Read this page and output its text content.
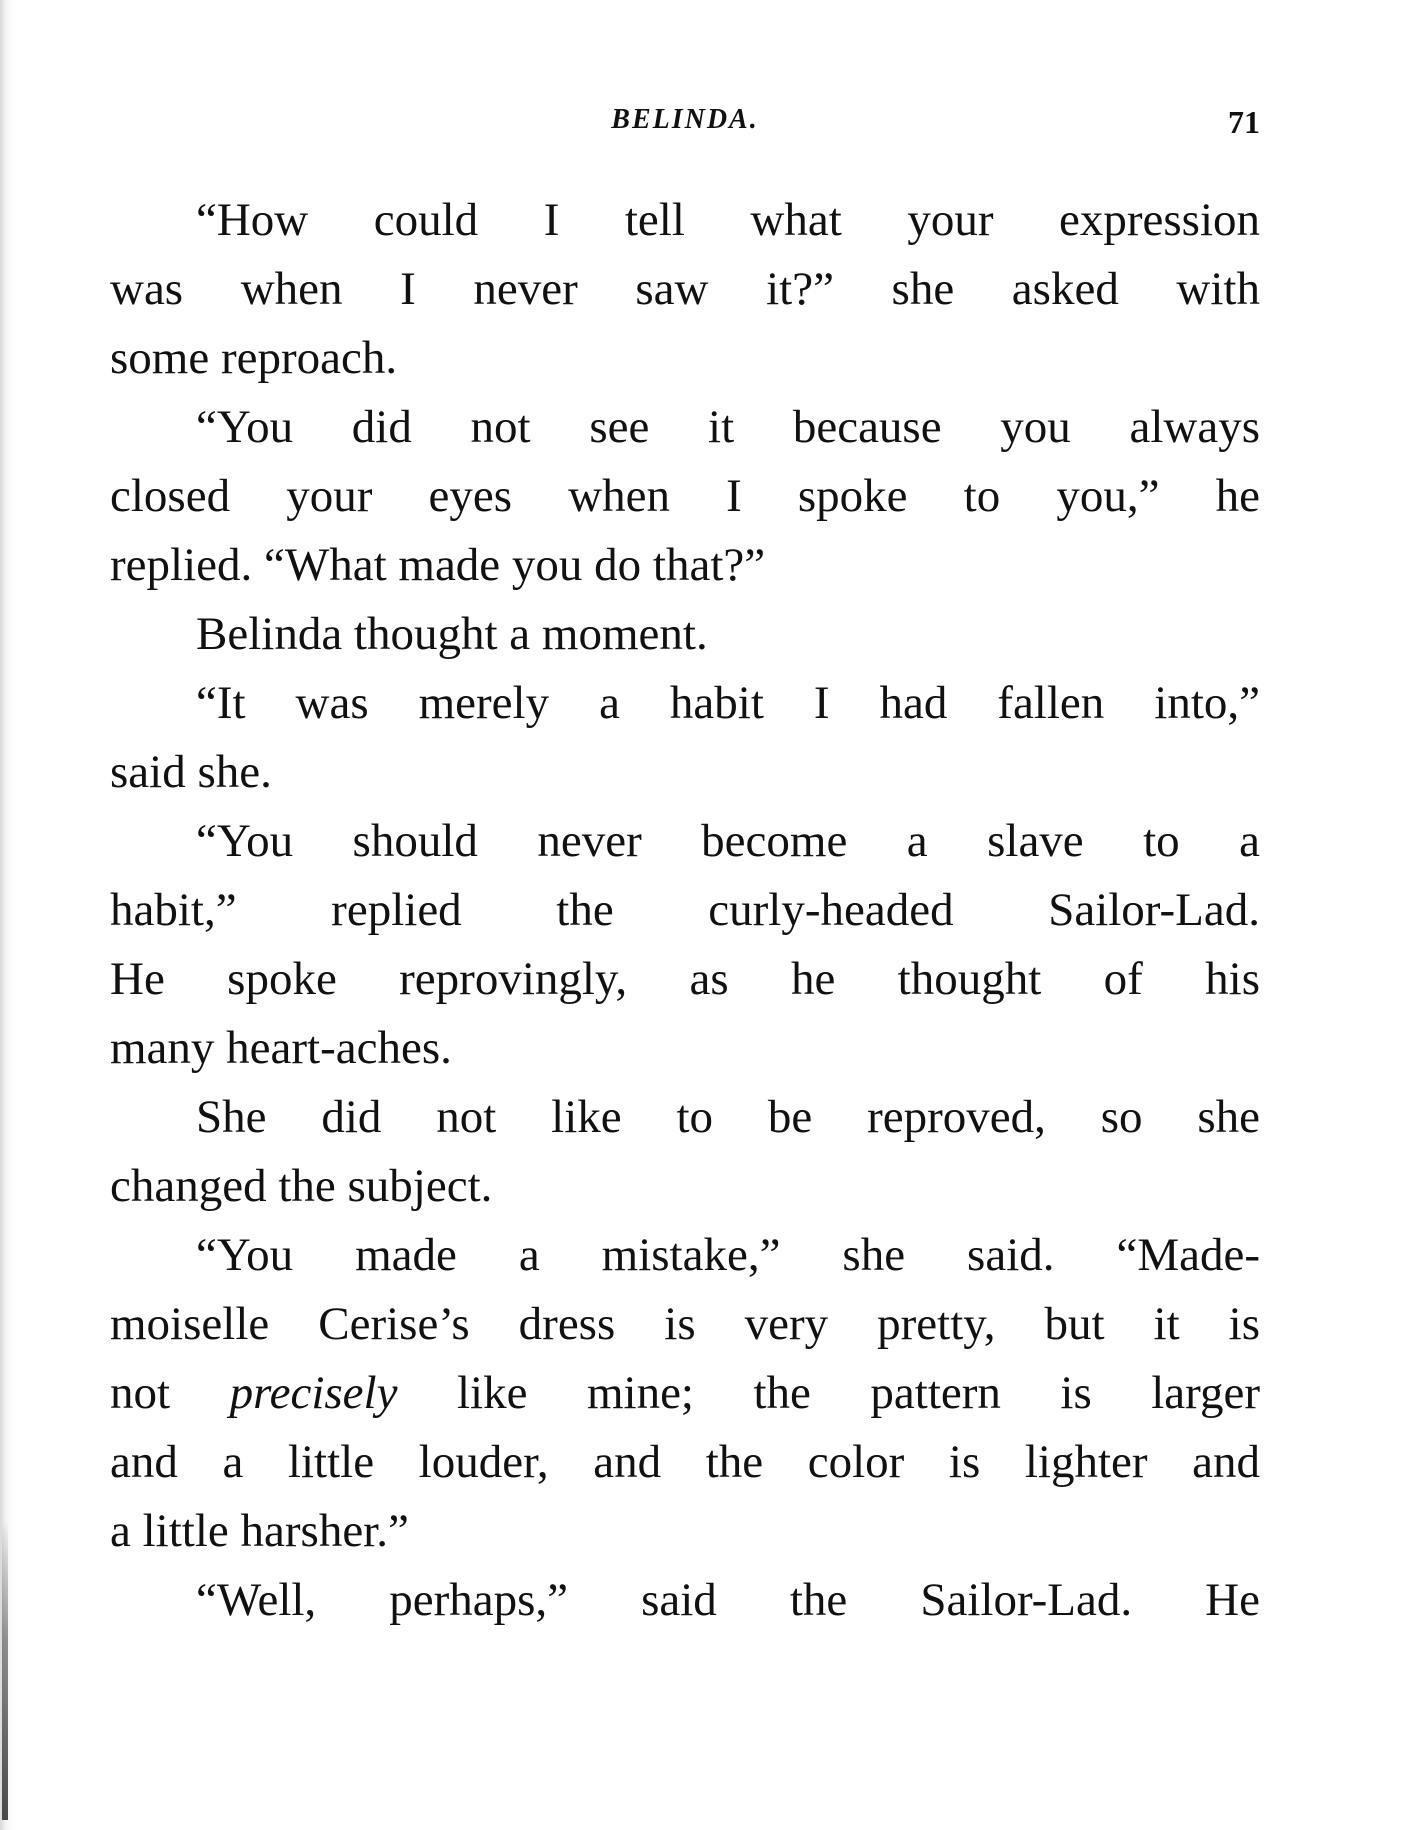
BELINDA.	71
“How could I tell what your expression
was when I never saw it?” she asked with
some reproach.
“You did not see it because you always
closed your eyes when I spoke to you,” he
replied. “What made you do that?”
Belinda thought a moment.
“It was merely a habit I had fallen into,”
said she.
“You should never become a slave to a
habit,” replied the curly-headed Sailor-Lad.
He spoke reprovingly, as he thought of his
many heart-aches.
She did not like to be reproved, so she
changed the subject.
“You made a mistake,” she said. “Made-
moiselle Cerise’s dress is very pretty, but it is
not precisely like mine; the pattern is larger
and a little louder, and the color is lighter and
a little harsher.”
“Well, perhaps,” said the Sailor-Lad. He
